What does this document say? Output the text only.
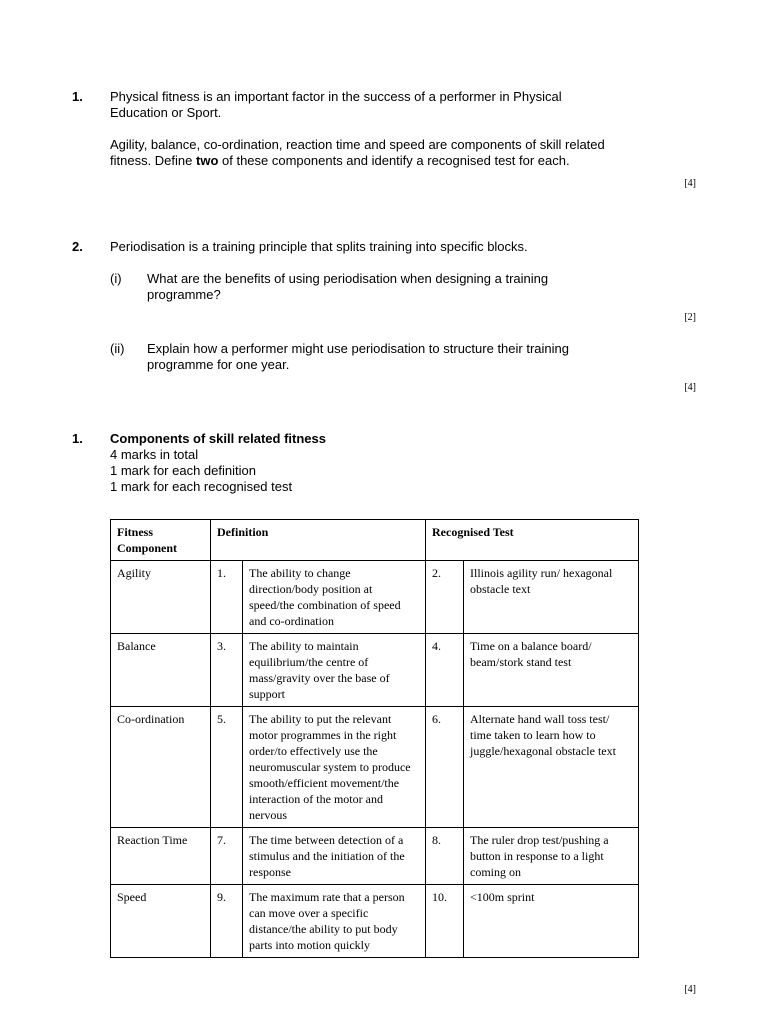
1. Physical fitness is an important factor in the success of a performer in Physical
Education or Sport.
Agility, balance, co-ordination, reaction time and speed are components of skill related
fitness. Define two of these components and identify a recognised test for each.
[4]
2. Periodisation is a training principle that splits training into specific blocks.
(i) What are the benefits of using periodisation when designing a training
programme?
[2]
(ii) Explain how a performer might use periodisation to structure their training
programme for one year.
[4]
1. Components of skill related fitness
4 marks in total
1 mark for each definition
1 mark for each recognised test
Fitness Component	Definition		Recognised Test	
Agility	1.	The ability to change direction/body position at speed/the combination of speed and co-ordination	2.	Illinois agility run/ hexagonal obstacle text
Balance	3.	The ability to maintain equilibrium/the centre of mass/gravity over the base of support	4.	Time on a balance board/ beam/stork stand test
Co-ordination	5.	The ability to put the relevant motor programmes in the right order/to effectively use the neuromuscular system to produce smooth/efficient movement/the interaction of the motor and nervous	6.	Alternate hand wall toss test/ time taken to learn how to juggle/hexagonal obstacle text
Reaction Time	7.	The time between detection of a stimulus and the initiation of the response	8.	The ruler drop test/pushing a button in response to a light coming on
Speed	9.	The maximum rate that a person can move over a specific distance/the ability to put body parts into motion quickly	10.	<100m sprint
[4]
